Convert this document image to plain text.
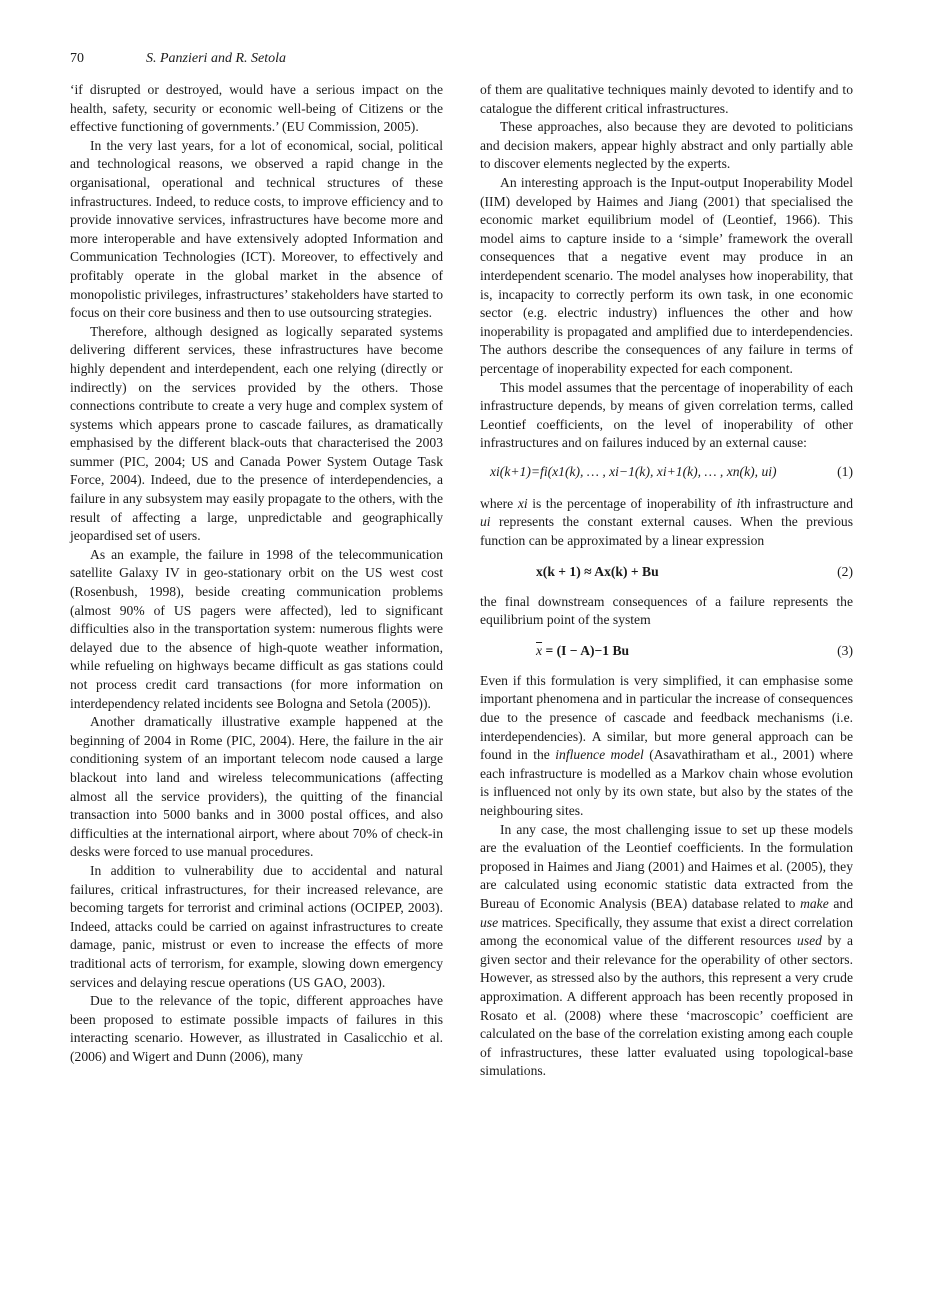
70	S. Panzieri and R. Setola

‘if disrupted or destroyed, would have a serious impact on the health, safety, security or economic well-being of Citizens or the effective functioning of governments.’ (EU Commission, 2005).

In the very last years, for a lot of economical, social, political and technological reasons, we observed a rapid change in the organisational, operational and technical structures of these infrastructures. Indeed, to reduce costs, to improve efficiency and to provide innovative services, infrastructures have become more and more interoperable and have extensively adopted Information and Communication Technologies (ICT). Moreover, to effectively and profitably operate in the global market in the absence of monopolistic privileges, infrastructures’ stakeholders have started to focus on their core business and then to use outsourcing strategies.

Therefore, although designed as logically separated systems delivering different services, these infrastructures have become highly dependent and interdependent, each one relying (directly or indirectly) on the services provided by the others. Those connections contribute to create a very huge and complex system of systems which appears prone to cascade failures, as dramatically emphasised by the different black-outs that characterised the 2003 summer (PIC, 2004; US and Canada Power System Outage Task Force, 2004). Indeed, due to the presence of interdependencies, a failure in any subsystem may easily propagate to the others, with the result of affecting a large, unpredictable and geographically jeopardised set of users.

As an example, the failure in 1998 of the telecommunication satellite Galaxy IV in geo-stationary orbit on the US west cost (Rosenbush, 1998), beside creating communication problems (almost 90% of US pagers were affected), led to significant difficulties also in the transportation system: numerous flights were delayed due to the absence of high-quote weather information, while refueling on highways became difficult as gas stations could not process credit card transactions (for more information on interdependency related incidents see Bologna and Setola (2005)).

Another dramatically illustrative example happened at the beginning of 2004 in Rome (PIC, 2004). Here, the failure in the air conditioning system of an important telecom node caused a large blackout into land and wireless telecommunications (affecting almost all the service providers), the quitting of the financial transaction into 5000 banks and in 3000 postal offices, and also difficulties at the international airport, where about 70% of check-in desks were forced to use manual procedures.

In addition to vulnerability due to accidental and natural failures, critical infrastructures, for their increased relevance, are becoming targets for terrorist and criminal actions (OCIPEP, 2003). Indeed, attacks could be carried on against infrastructures to create damage, panic, mistrust or even to increase the effects of more traditional acts of terrorism, for example, slowing down emergency services and delaying rescue operations (US GAO, 2003).

Due to the relevance of the topic, different approaches have been proposed to estimate possible impacts of failures in this interacting scenario. However, as illustrated in Casalicchio et al. (2006) and Wigert and Dunn (2006), many

of them are qualitative techniques mainly devoted to identify and to catalogue the different critical infrastructures.

These approaches, also because they are devoted to politicians and decision makers, appear highly abstract and only partially able to discover elements neglected by the experts.

An interesting approach is the Input-output Inoperability Model (IIM) developed by Haimes and Jiang (2001) that specialised the economic market equilibrium model of (Leontief, 1966). This model aims to capture inside to a ‘simple’ framework the overall consequences that a negative event may produce in an interdependent scenario. The model analyses how inoperability, that is, incapacity to correctly perform its own task, in one economic sector (e.g. electric industry) influences the other and how inoperability is propagated and amplified due to interdependencies. The authors describe the consequences of any failure in terms of percentage of inoperability expected for each component.

This model assumes that the percentage of inoperability of each infrastructure depends, by means of given correlation terms, called Leontief coefficients, on the level of inoperability of other infrastructures and on failures induced by an external cause:

xi(k+1)=fi(x1(k), … , xi−1(k), xi+1(k), … , xn(k), ui)	(1)

where xi is the percentage of inoperability of ith infrastructure and ui represents the constant external causes. When the previous function can be approximated by a linear expression

x(k + 1) ≈ Ax(k) + Bu	(2)

the final downstream consequences of a failure represents the equilibrium point of the system

$\overline{x} = (I - A)-1$ Bu	(3)

Even if this formulation is very simplified, it can emphasise some important phenomena and in particular the increase of consequences due to the presence of cascade and feedback mechanisms (i.e. interdependencies). A similar, but more general approach can be found in the influence model (Asavathiratham et al., 2001) where each infrastructure is modelled as a Markov chain whose evolution is influenced not only by its own state, but also by the states of the neighbouring sites.

In any case, the most challenging issue to set up these models are the evaluation of the Leontief coefficients. In the formulation proposed in Haimes and Jiang (2001) and Haimes et al. (2005), they are calculated using economic statistic data extracted from the Bureau of Economic Analysis (BEA) database related to make and use matrices. Specifically, they assume that exist a direct correlation among the economical value of the different resources used by a given sector and their relevance for the operability of other sectors. However, as stressed also by the authors, this represent a very crude approximation. A different approach has been recently proposed in Rosato et al. (2008) where these ‘macroscopic’ coefficient are calculated on the base of the correlation existing among each couple of infrastructures, these latter evaluated using topological-base simulations.
